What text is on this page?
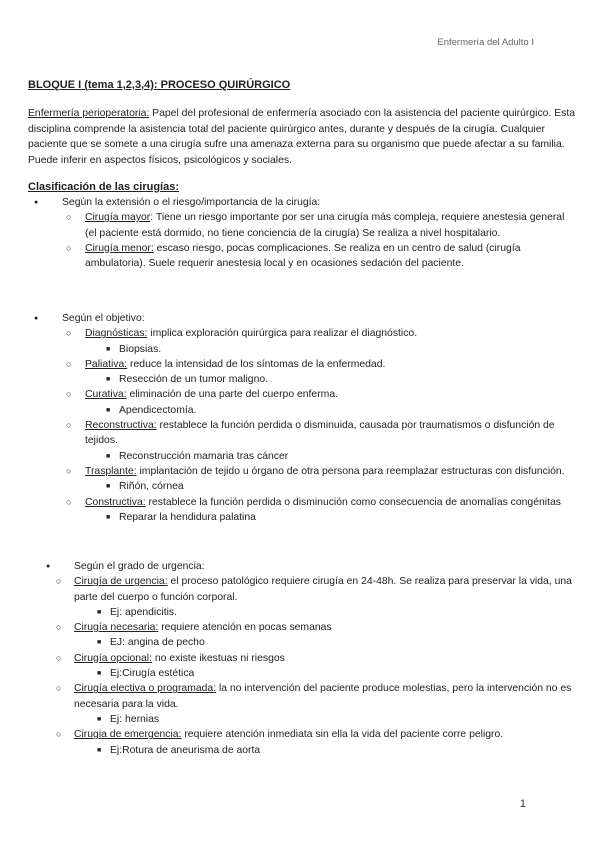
Enfermería del Adulto I
BLOQUE I (tema 1,2,3,4): PROCESO QUIRÚRGICO
Enfermería perioperatoria: Papel del profesional de enfermería asociado con la asistencia del paciente quirúrgico. Esta disciplina comprende la asistencia total del paciente quirúrgico antes, durante y después de la cirugía. Cualquier paciente que se somete a una cirugía sufre una amenaza externa para su organismo que puede afectar a su familia. Puede inferir en aspectos físicos, psicológicos y sociales.
Clasificación de las cirugías:
● Según la extensión o el riesgo/importancia de la cirugía:
○ Cirugía mayor: Tiene un riesgo importante por ser una cirugía más compleja, requiere anestesia general (el paciente está dormido, no tiene conciencia de la cirugía) Se realiza a nivel hospitalario.
○ Cirugía menor: escaso riesgo, pocas complicaciones. Se realiza en un centro de salud (cirugía ambulatoria). Suele requerir anestesia local y en ocasiones sedación del paciente.
● Según el objetivo:
○ Diagnósticas: implica exploración quirúrgica para realizar el diagnóstico.
■ Biopsias.
○ Paliativa: reduce la intensidad de los síntomas de la enfermedad.
■ Resección de un tumor maligno.
○ Curativa: eliminación de una parte del cuerpo enferma.
■ Apendicectomía.
○ Reconstructiva: restablece la función perdida o disminuida, causada por traumatismos o disfunción de tejidos.
■ Reconstrucción mamaria tras cáncer
○ Trasplante: implantación de tejido u órgano de otra persona para reemplazar estructuras con disfunción.
■ Riñón, córnea
○ Constructiva: restablece la función perdida o disminución como consecuencia de anomalías congénitas
■ Reparar la hendidura palatina
● Según el grado de urgencia:
○ Cirugía de urgencia: el proceso patológico requiere cirugía en 24-48h. Se realiza para preservar la vida, una parte del cuerpo o función corporal.
■ Ej: apendicitis.
○ Cirugía necesaria: requiere atención en pocas semanas
■ EJ: angina de pecho
○ Cirugía opcional: no existe ikestuas ni riesgos
■ Ej:Cirugía estética
○ Cirugía electiva o programada: la no intervención del paciente produce molestias, pero la intervención no es necesaria para la vida.
■ Ej: hernias
○ Cirugia de emergencia: requiere atención inmediata sin ella la vida del paciente corre peligro.
■ Ej:Rotura de aneurisma de aorta
1
